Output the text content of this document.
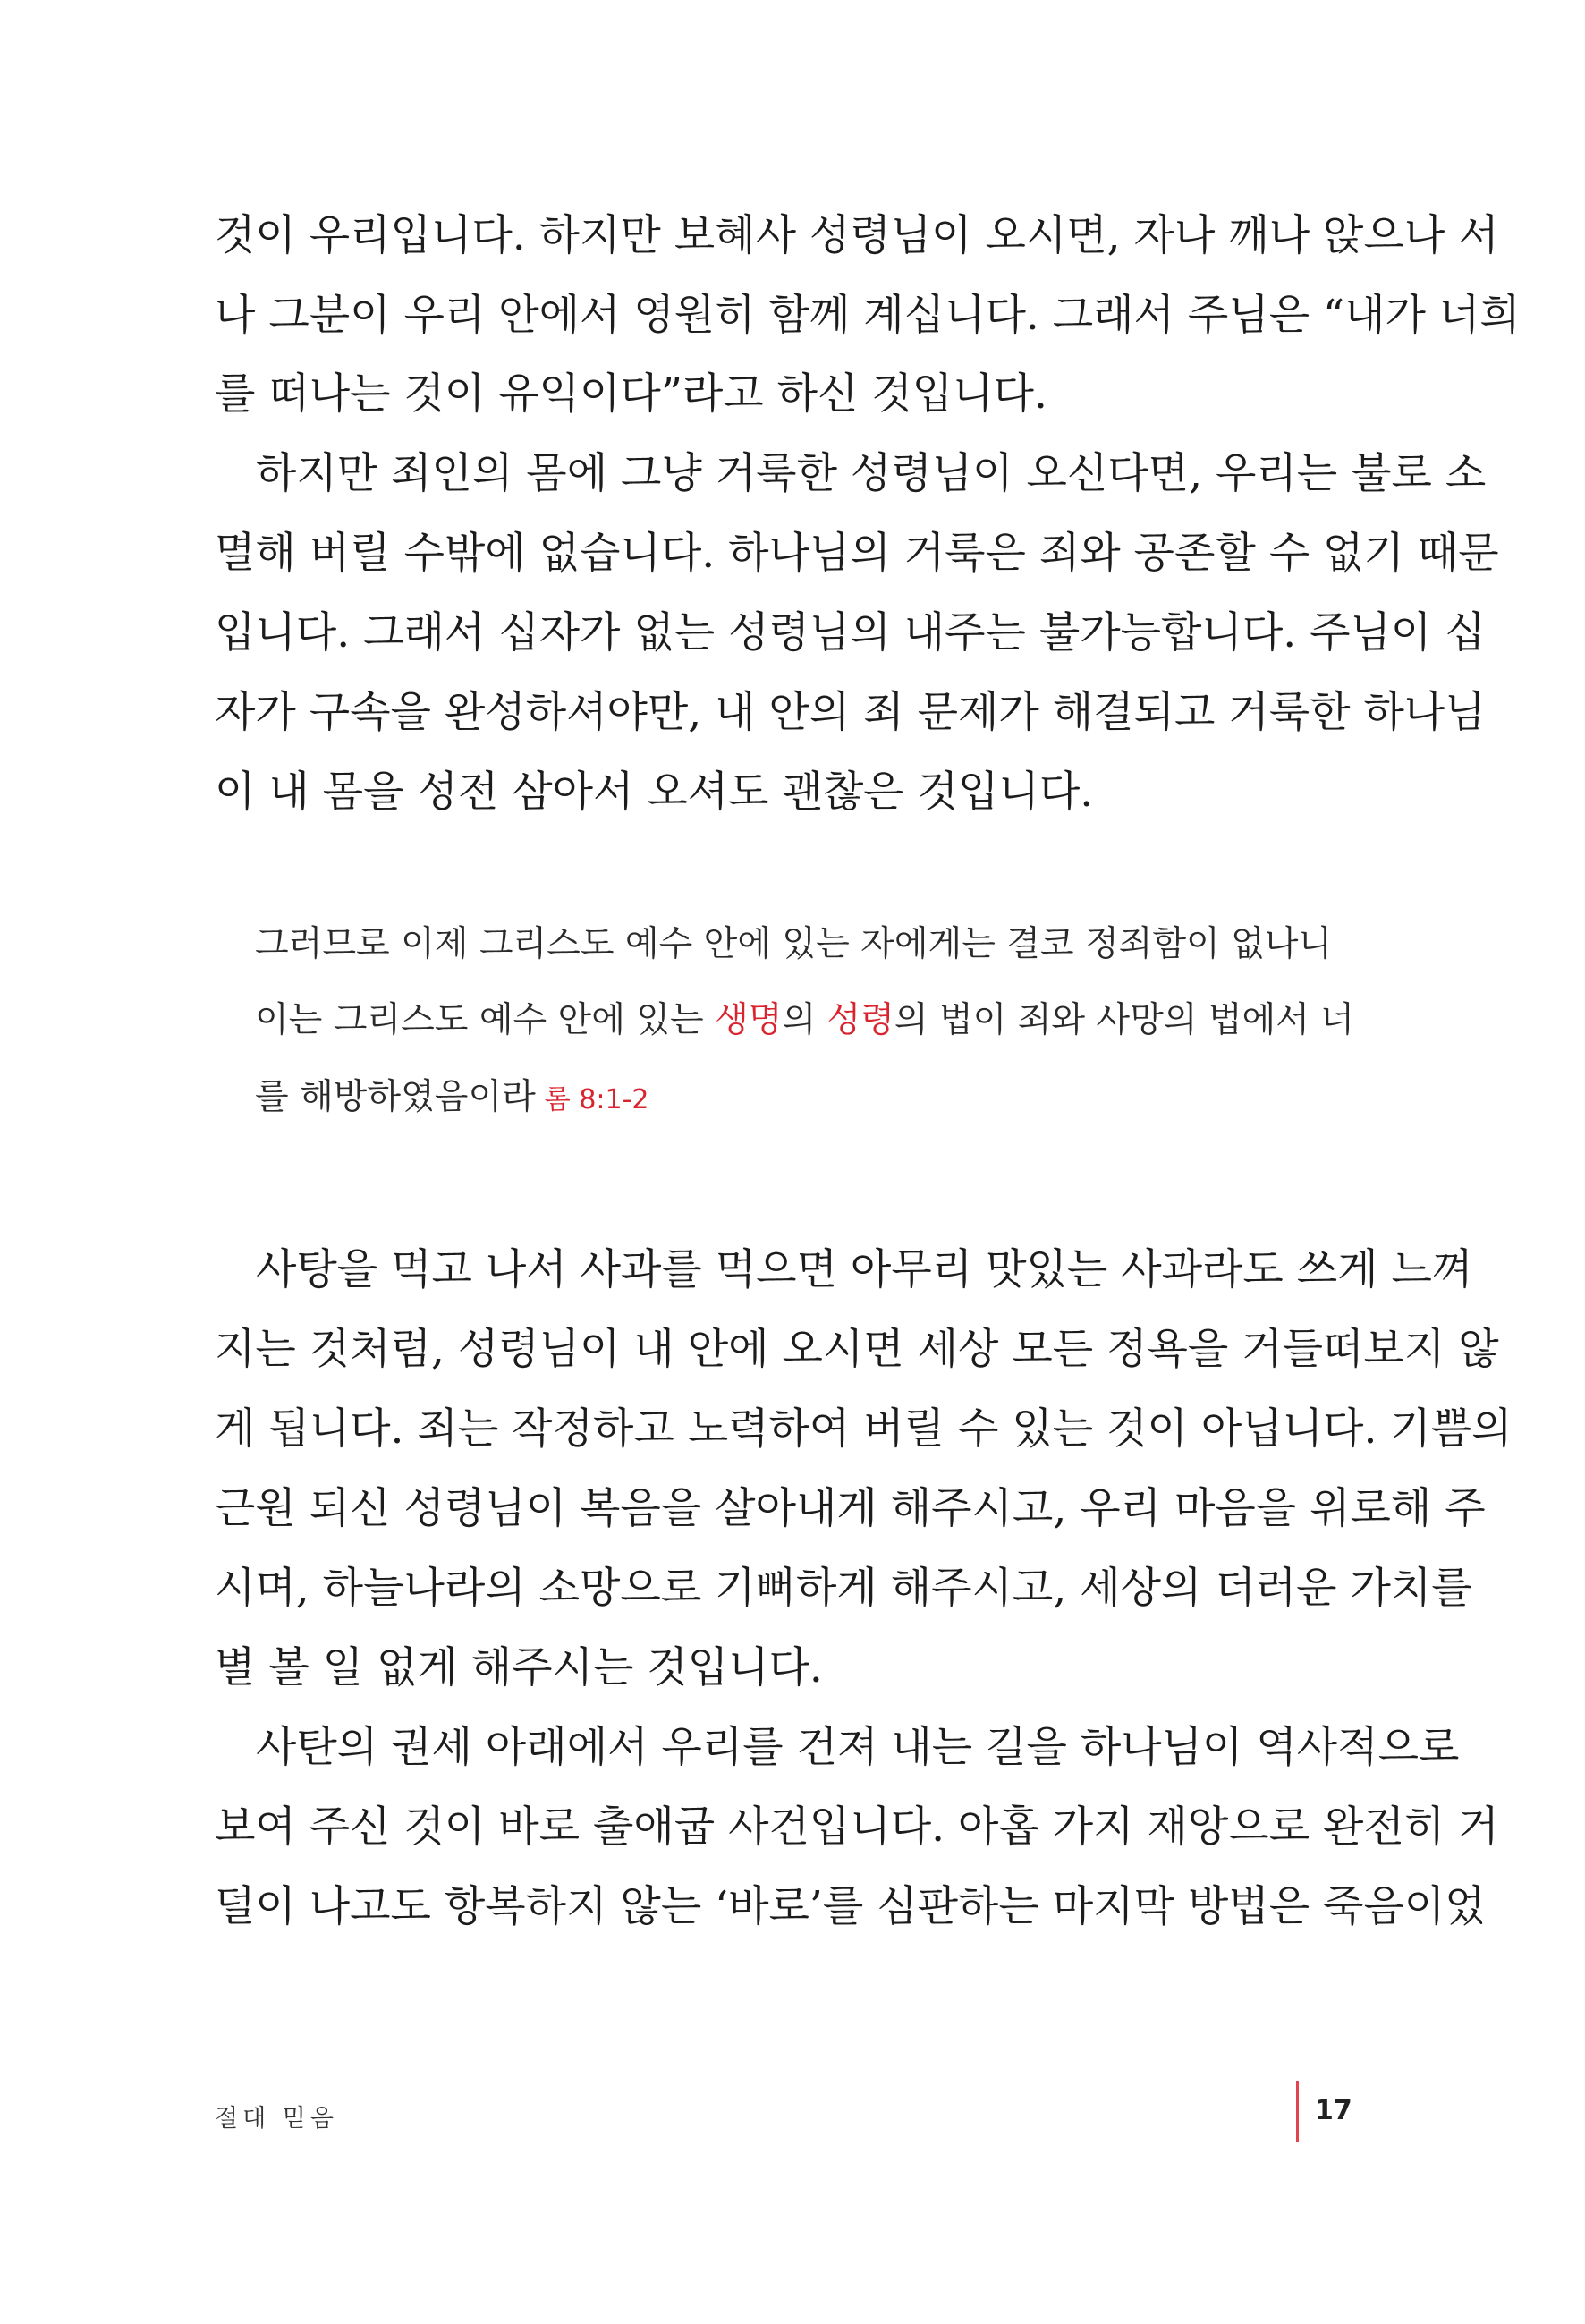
것이 우리입니다. 하지만 보혜사 성령님이 오시면, 자나 깨나 앉으나 서
나 그분이 우리 안에서 영원히 함께 계십니다. 그래서 주님은 “내가 너희
를 떠나는 것이 유익이다”라고 하신 것입니다.
하지만 죄인의 몸에 그냥 거룩한 성령님이 오신다면, 우리는 불로 소
멸해 버릴 수밖에 없습니다. 하나님의 거룩은 죄와 공존할 수 없기 때문
입니다. 그래서 십자가 없는 성령님의 내주는 불가능합니다. 주님이 십
자가 구속을 완성하셔야만, 내 안의 죄 문제가 해결되고 거룩한 하나님
이 내 몸을 성전 삼아서 오셔도 괜찮은 것입니다.
그러므로 이제 그리스도 예수 안에 있는 자에게는 결코 정죄함이 없나니
이는 그리스도 예수 안에 있는 생명의 성령의 법이 죄와 사망의 법에서 너
를 해방하였음이라 롬 8:1-2
사탕을 먹고 나서 사과를 먹으면 아무리 맛있는 사과라도 쓰게 느껴
지는 것처럼, 성령님이 내 안에 오시면 세상 모든 정욕을 거들떠보지 않
게 됩니다. 죄는 작정하고 노력하여 버릴 수 있는 것이 아닙니다. 기쁨의
근원 되신 성령님이 복음을 살아내게 해주시고, 우리 마음을 위로해 주
시며, 하늘나라의 소망으로 기뻐하게 해주시고, 세상의 더러운 가치를
별 볼 일 없게 해주시는 것입니다.
사탄의 권세 아래에서 우리를 건져 내는 길을 하나님이 역사적으로
보여 주신 것이 바로 출애굽 사건입니다. 아홉 가지 재앙으로 완전히 거
덜이 나고도 항복하지 않는 ‘바로’를 심판하는 마지막 방법은 죽음이었
절대 믿음	17
